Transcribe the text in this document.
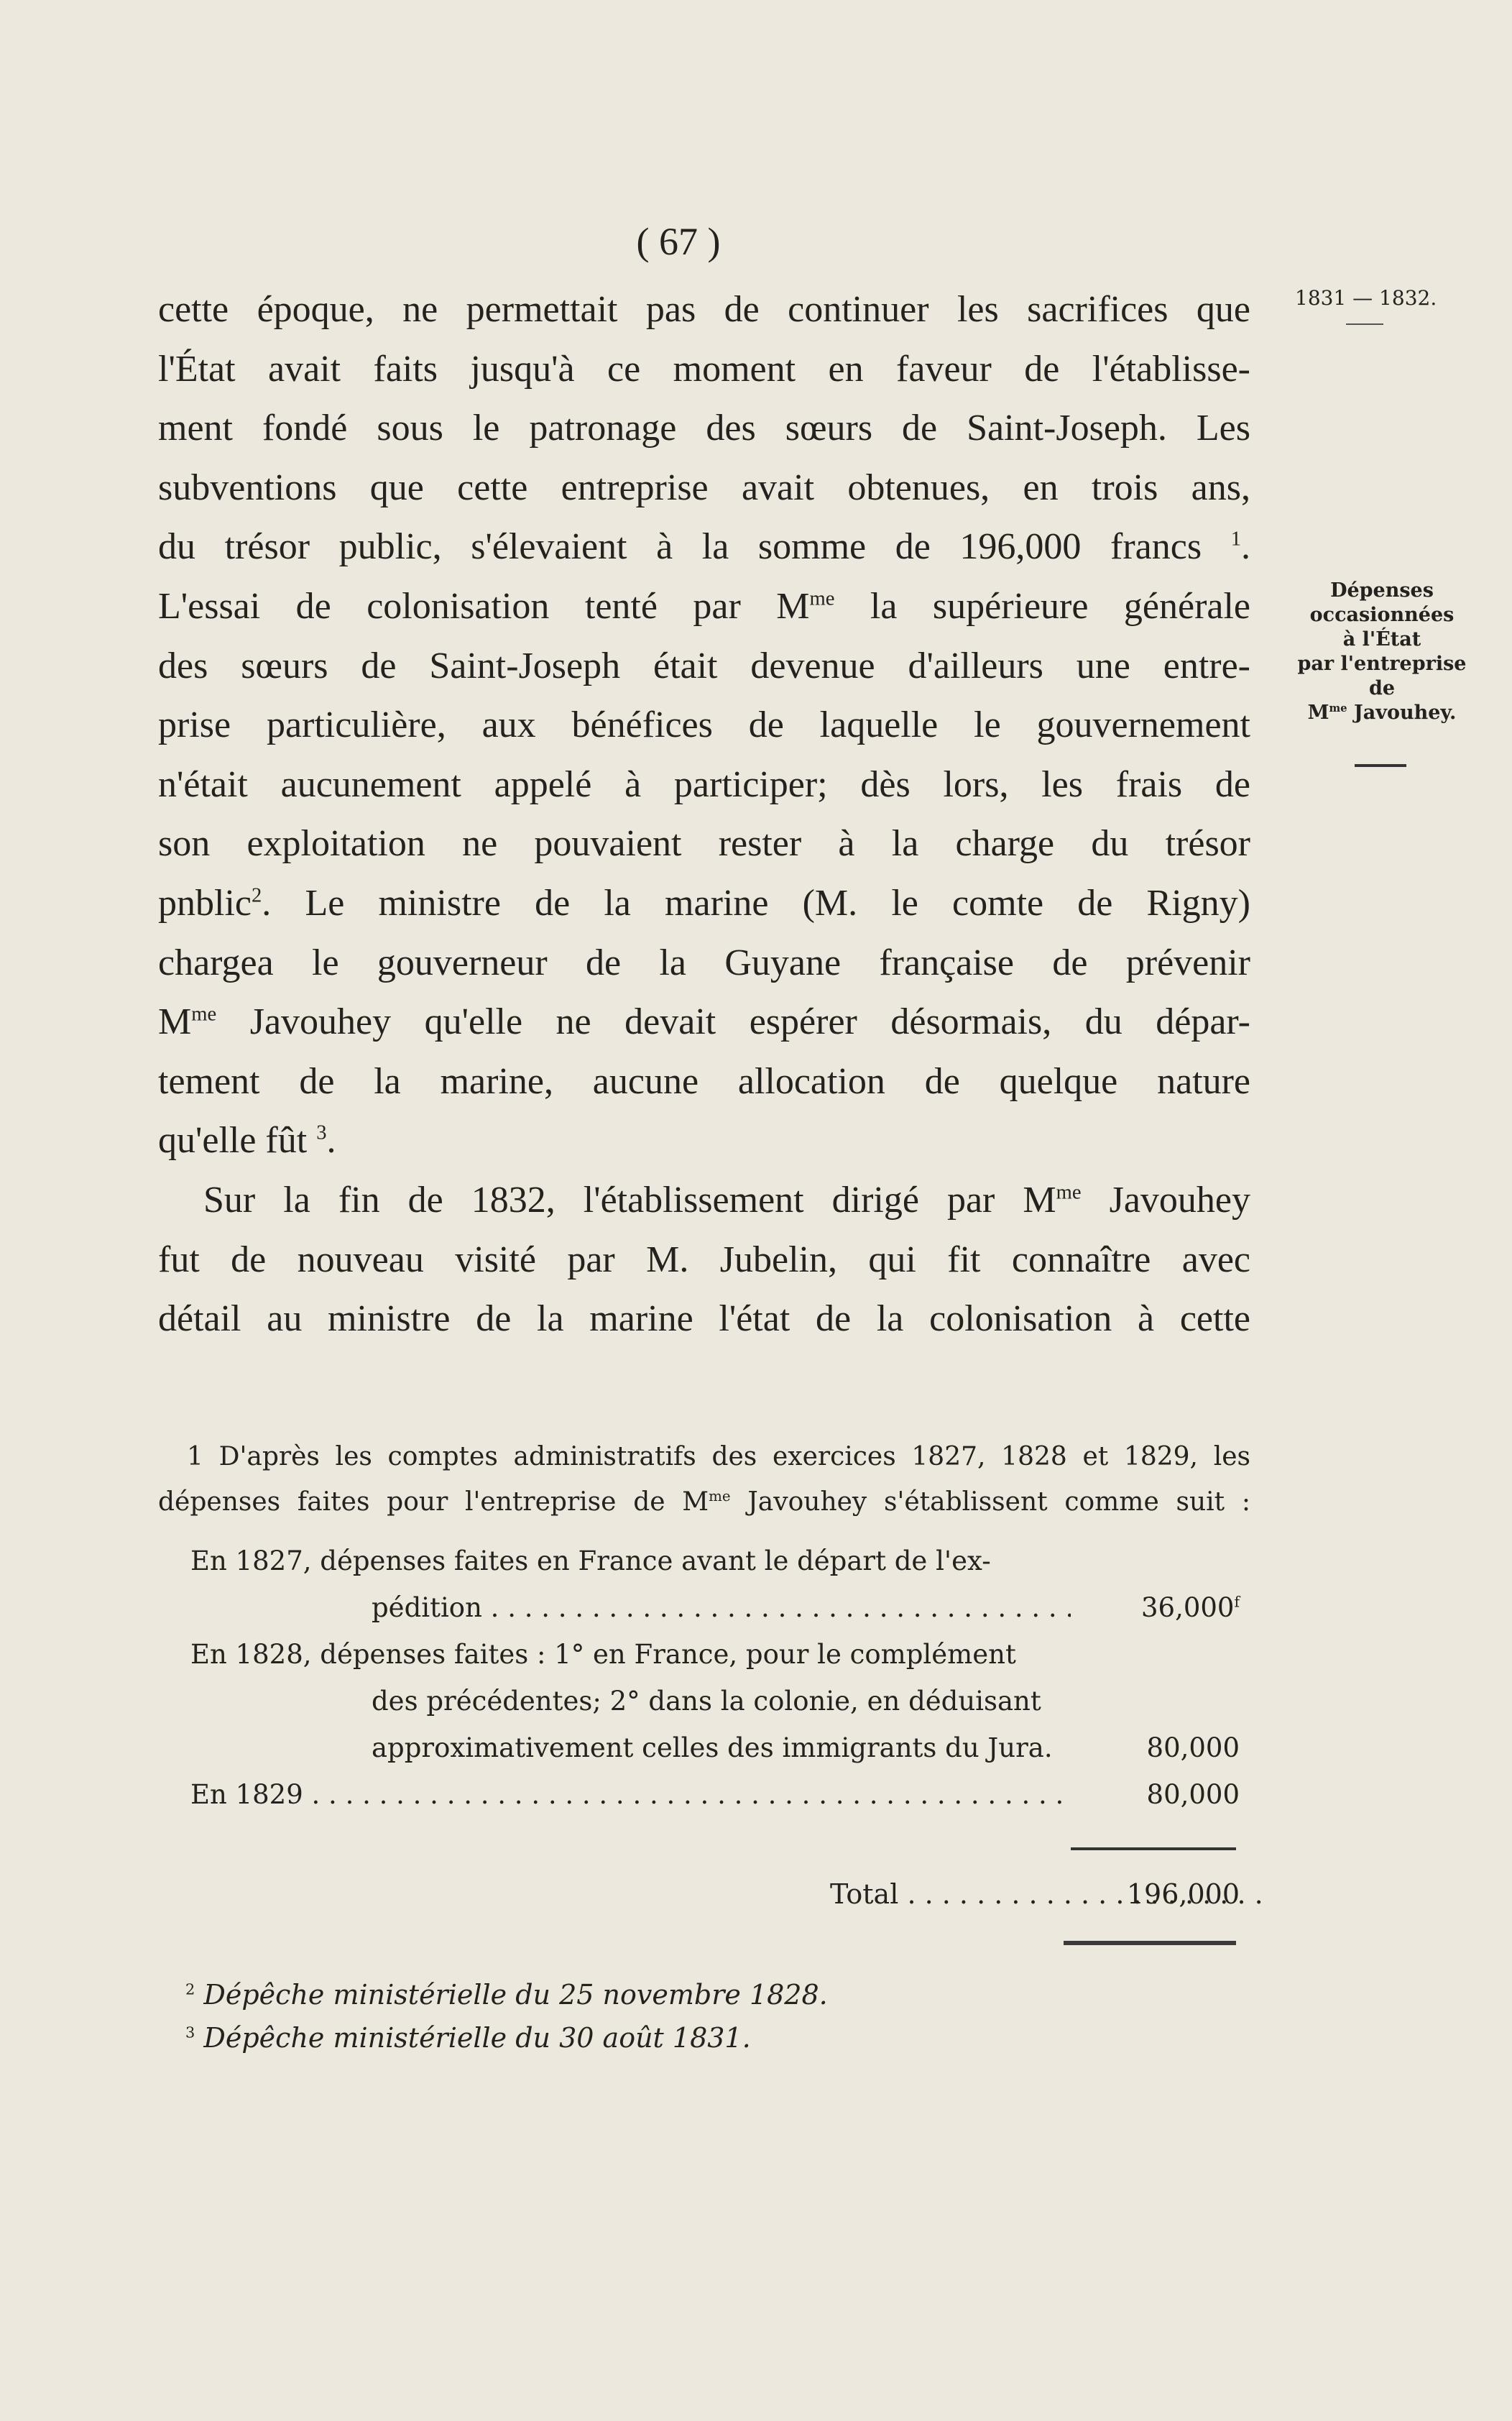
( 67 )
1831 — 1832.
Dépenses
occasionnées
à l'État
par l'entreprise
de
$M^{me}$ Javouhey.
cette époque, ne permettait pas de continuer les sacrifices que
l'État avait faits jusqu'à ce moment en faveur de l'établisse-
ment fondé sous le patronage des sœurs de Saint-Joseph. Les
subventions que cette entreprise avait obtenues, en trois ans,
du trésor public, s'élevaient à la somme de 196,000 francs $^1$.
L'essai de colonisation tenté par $M^{me}$ la supérieure générale
des sœurs de Saint-Joseph était devenue d'ailleurs une entre-
prise particulière, aux bénéfices de laquelle le gouvernement
n'était aucunement appelé à participer; dès lors, les frais de
son exploitation ne pouvaient rester à la charge du trésor
pnblic$^2$. Le ministre de la marine (M. le comte de Rigny)
chargea le gouverneur de la Guyane française de prévenir
$M^{me}$ Javouhey qu'elle ne devait espérer désormais, du dépar-
tement de la marine, aucune allocation de quelque nature
qu'elle fût $^3$.
Sur la fin de 1832, l'établissement dirigé par $M^{me}$ Javouhey
fut de nouveau visité par M. Jubelin, qui fit connaître avec
détail au ministre de la marine l'état de la colonisation à cette
1 D'après les comptes administratifs des exercices 1827, 1828 et 1829, les
dépenses faites pour l'entreprise de $M^{me}$ Javouhey s'établissent comme suit :
En 1827, dépenses faites en France avant le départ de l'ex-
pédition . . .	36,000$^f$
En 1828, dépenses faites : 1° en France, pour le complément
des précédentes; 2° dans la colonie, en déduisant
approximativement celles des immigrants du Jura.	80,000
En 1829 . . .	80,000
Total . . .	196,000
$^2$ Dépêche ministérielle du 25 novembre 1828.
$^3$ Dépêche ministérielle du 30 août 1831.
